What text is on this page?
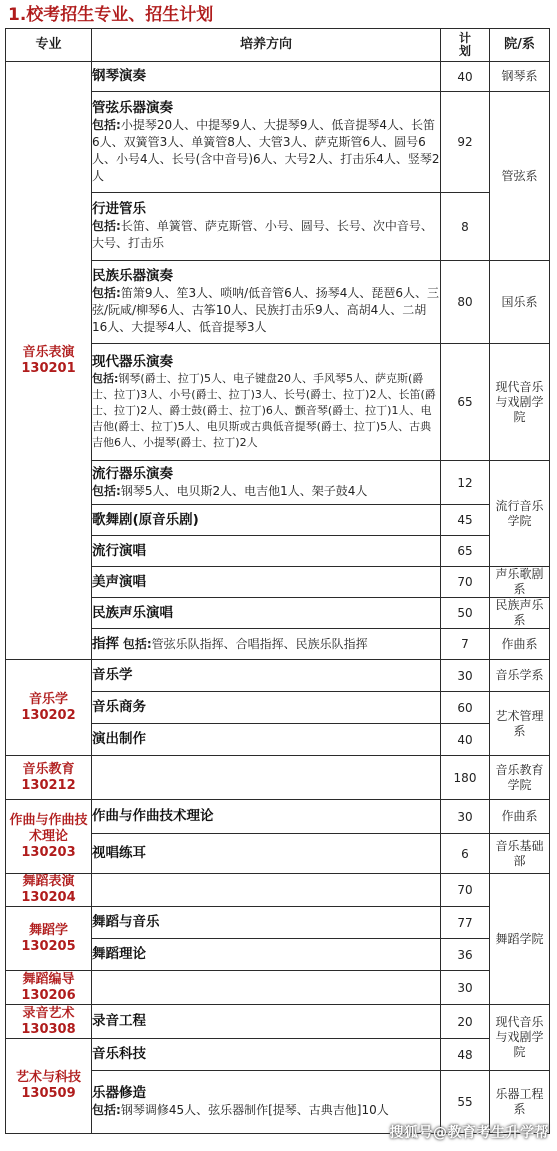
1.校考招生专业、招生计划
专业	培养方向	计划	院/系
音乐表演
130201	钢琴演奏	40	钢琴系

	管弦乐器演奏
包括:小提琴20人、中提琴9人、大提琴9人、低音提琴4人、长笛6人、双簧管3人、单簧管8人、大管3人、萨克斯管6人、圆号6人、小号4人、长号(含中音号)6人、大号2人、打击乐4人、竖琴2人	92	管弦系

	行进管乐
包括:长笛、单簧管、萨克斯管、小号、圆号、长号、次中音号、大号、打击乐	8	

	民族乐器演奏
包括:笛箫9人、笙3人、唢呐/低音管6人、扬琴4人、琵琶6人、三弦/阮咸/柳琴6人、古筝10人、民族打击乐9人、高胡4人、二胡16人、大提琴4人、低音提琴3人	80	国乐系

	现代器乐演奏
包括:钢琴(爵士、拉丁)5人、电子键盘20人、手风琴5人、萨克斯(爵士、拉丁)3人、小号(爵士、拉丁)3人、长号(爵士、拉丁)2人、长笛(爵士、拉丁)2人、爵士鼓(爵士、拉丁)6人、颤音琴(爵士、拉丁)1人、电吉他(爵士、拉丁)5人、电贝斯或古典低音提琴(爵士、拉丁)5人、古典吉他6人、小提琴(爵士、拉丁)2人	65	现代音乐与戏剧学院

	流行器乐演奏
包括:钢琴5人、电贝斯2人、电吉他1人、架子鼓4人	12	流行音乐学院
	歌舞剧(原音乐剧)	45	
	流行演唱	65	
	美声演唱	70	声乐歌剧系
	民族声乐演唱	50	民族声乐系
	指挥 包括:管弦乐队指挥、合唱指挥、民族乐队指挥	7	作曲系
音乐学
130202	音乐学	30	音乐学系
	音乐商务	60	艺术管理系
	演出制作	40	
音乐教育
130212		180	音乐教育学院
作曲与作曲技术理论
130203	作曲与作曲技术理论	30	作曲系
	视唱练耳	6	音乐基础部
舞蹈表演
130204		70	舞蹈学院
舞蹈学
130205	舞蹈与音乐	77	
	舞蹈理论	36	
舞蹈编导
130206		30	
录音艺术
130308	录音工程	20	现代音乐与戏剧学院
艺术与科技
130509	音乐科技	48	

	乐器修造
包括:钢琴调修45人、弦乐器制作[提琴、古典吉他]10人	55	乐器工程系
搜狐号@教育考生升学帮
